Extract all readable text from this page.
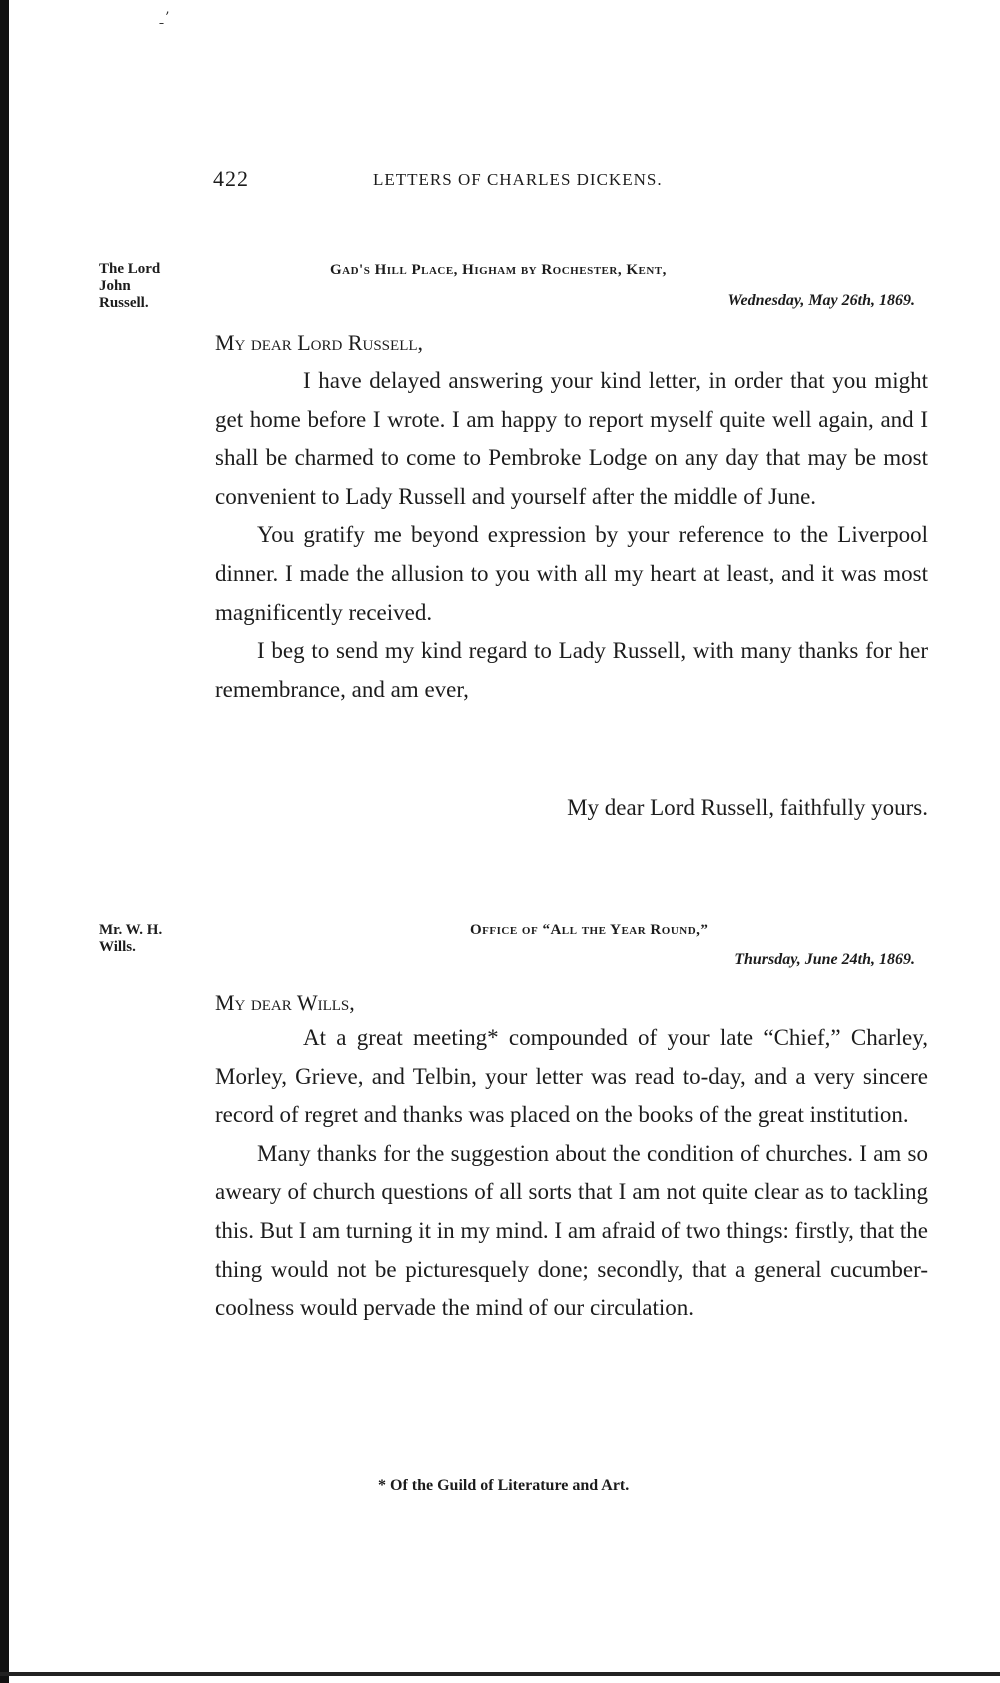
ˍ’
422	LETTERS OF CHARLES DICKENS.
The Lord
John
Russell.
Gad's Hill Place, Higham by Rochester, Kent,
Wednesday, May 26th, 1869.
My dear Lord Russell,

I have delayed answering your kind letter, in order that you might get home before I wrote. I am happy to report myself quite well again, and I shall be charmed to come to Pembroke Lodge on any day that may be most convenient to Lady Russell and yourself after the middle of June.

You gratify me beyond expression by your reference to the Liverpool dinner. I made the allusion to you with all my heart at least, and it was most magnificently received.

I beg to send my kind regard to Lady Russell, with many thanks for her remembrance, and am ever,

My dear Lord Russell, faithfully yours.
Mr. W. H.
Wills.
Office of “All the Year Round,”
Thursday, June 24th, 1869.
My dear Wills,

At a great meeting* compounded of your late “Chief,” Charley, Morley, Grieve, and Telbin, your letter was read to-day, and a very sincere record of regret and thanks was placed on the books of the great institution.

Many thanks for the suggestion about the condition of churches. I am so aweary of church questions of all sorts that I am not quite clear as to tackling this. But I am turning it in my mind. I am afraid of two things: firstly, that the thing would not be picturesquely done; secondly, that a general cucumber-coolness would pervade the mind of our circulation.

* Of the Guild of Literature and Art.
